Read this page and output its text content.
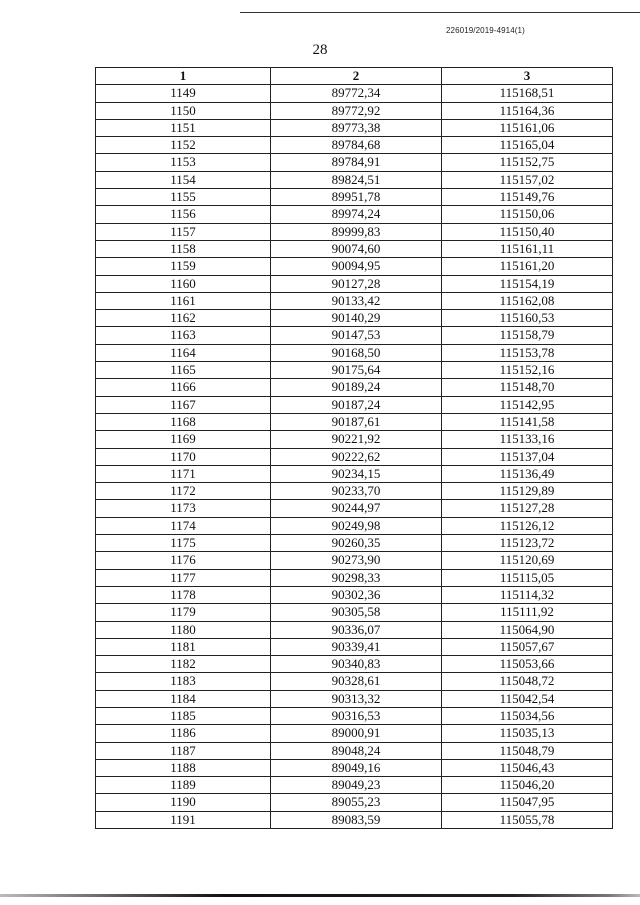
226019/2019-4914(1)
28
1	2	3
1149	89772,34	115168,51
1150	89772,92	115164,36
1151	89773,38	115161,06
1152	89784,68	115165,04
1153	89784,91	115152,75
1154	89824,51	115157,02
1155	89951,78	115149,76
1156	89974,24	115150,06
1157	89999,83	115150,40
1158	90074,60	115161,11
1159	90094,95	115161,20
1160	90127,28	115154,19
1161	90133,42	115162,08
1162	90140,29	115160,53
1163	90147,53	115158,79
1164	90168,50	115153,78
1165	90175,64	115152,16
1166	90189,24	115148,70
1167	90187,24	115142,95
1168	90187,61	115141,58
1169	90221,92	115133,16
1170	90222,62	115137,04
1171	90234,15	115136,49
1172	90233,70	115129,89
1173	90244,97	115127,28
1174	90249,98	115126,12
1175	90260,35	115123,72
1176	90273,90	115120,69
1177	90298,33	115115,05
1178	90302,36	115114,32
1179	90305,58	115111,92
1180	90336,07	115064,90
1181	90339,41	115057,67
1182	90340,83	115053,66
1183	90328,61	115048,72
1184	90313,32	115042,54
1185	90316,53	115034,56
1186	89000,91	115035,13
1187	89048,24	115048,79
1188	89049,16	115046,43
1189	89049,23	115046,20
1190	89055,23	115047,95
1191	89083,59	115055,78
